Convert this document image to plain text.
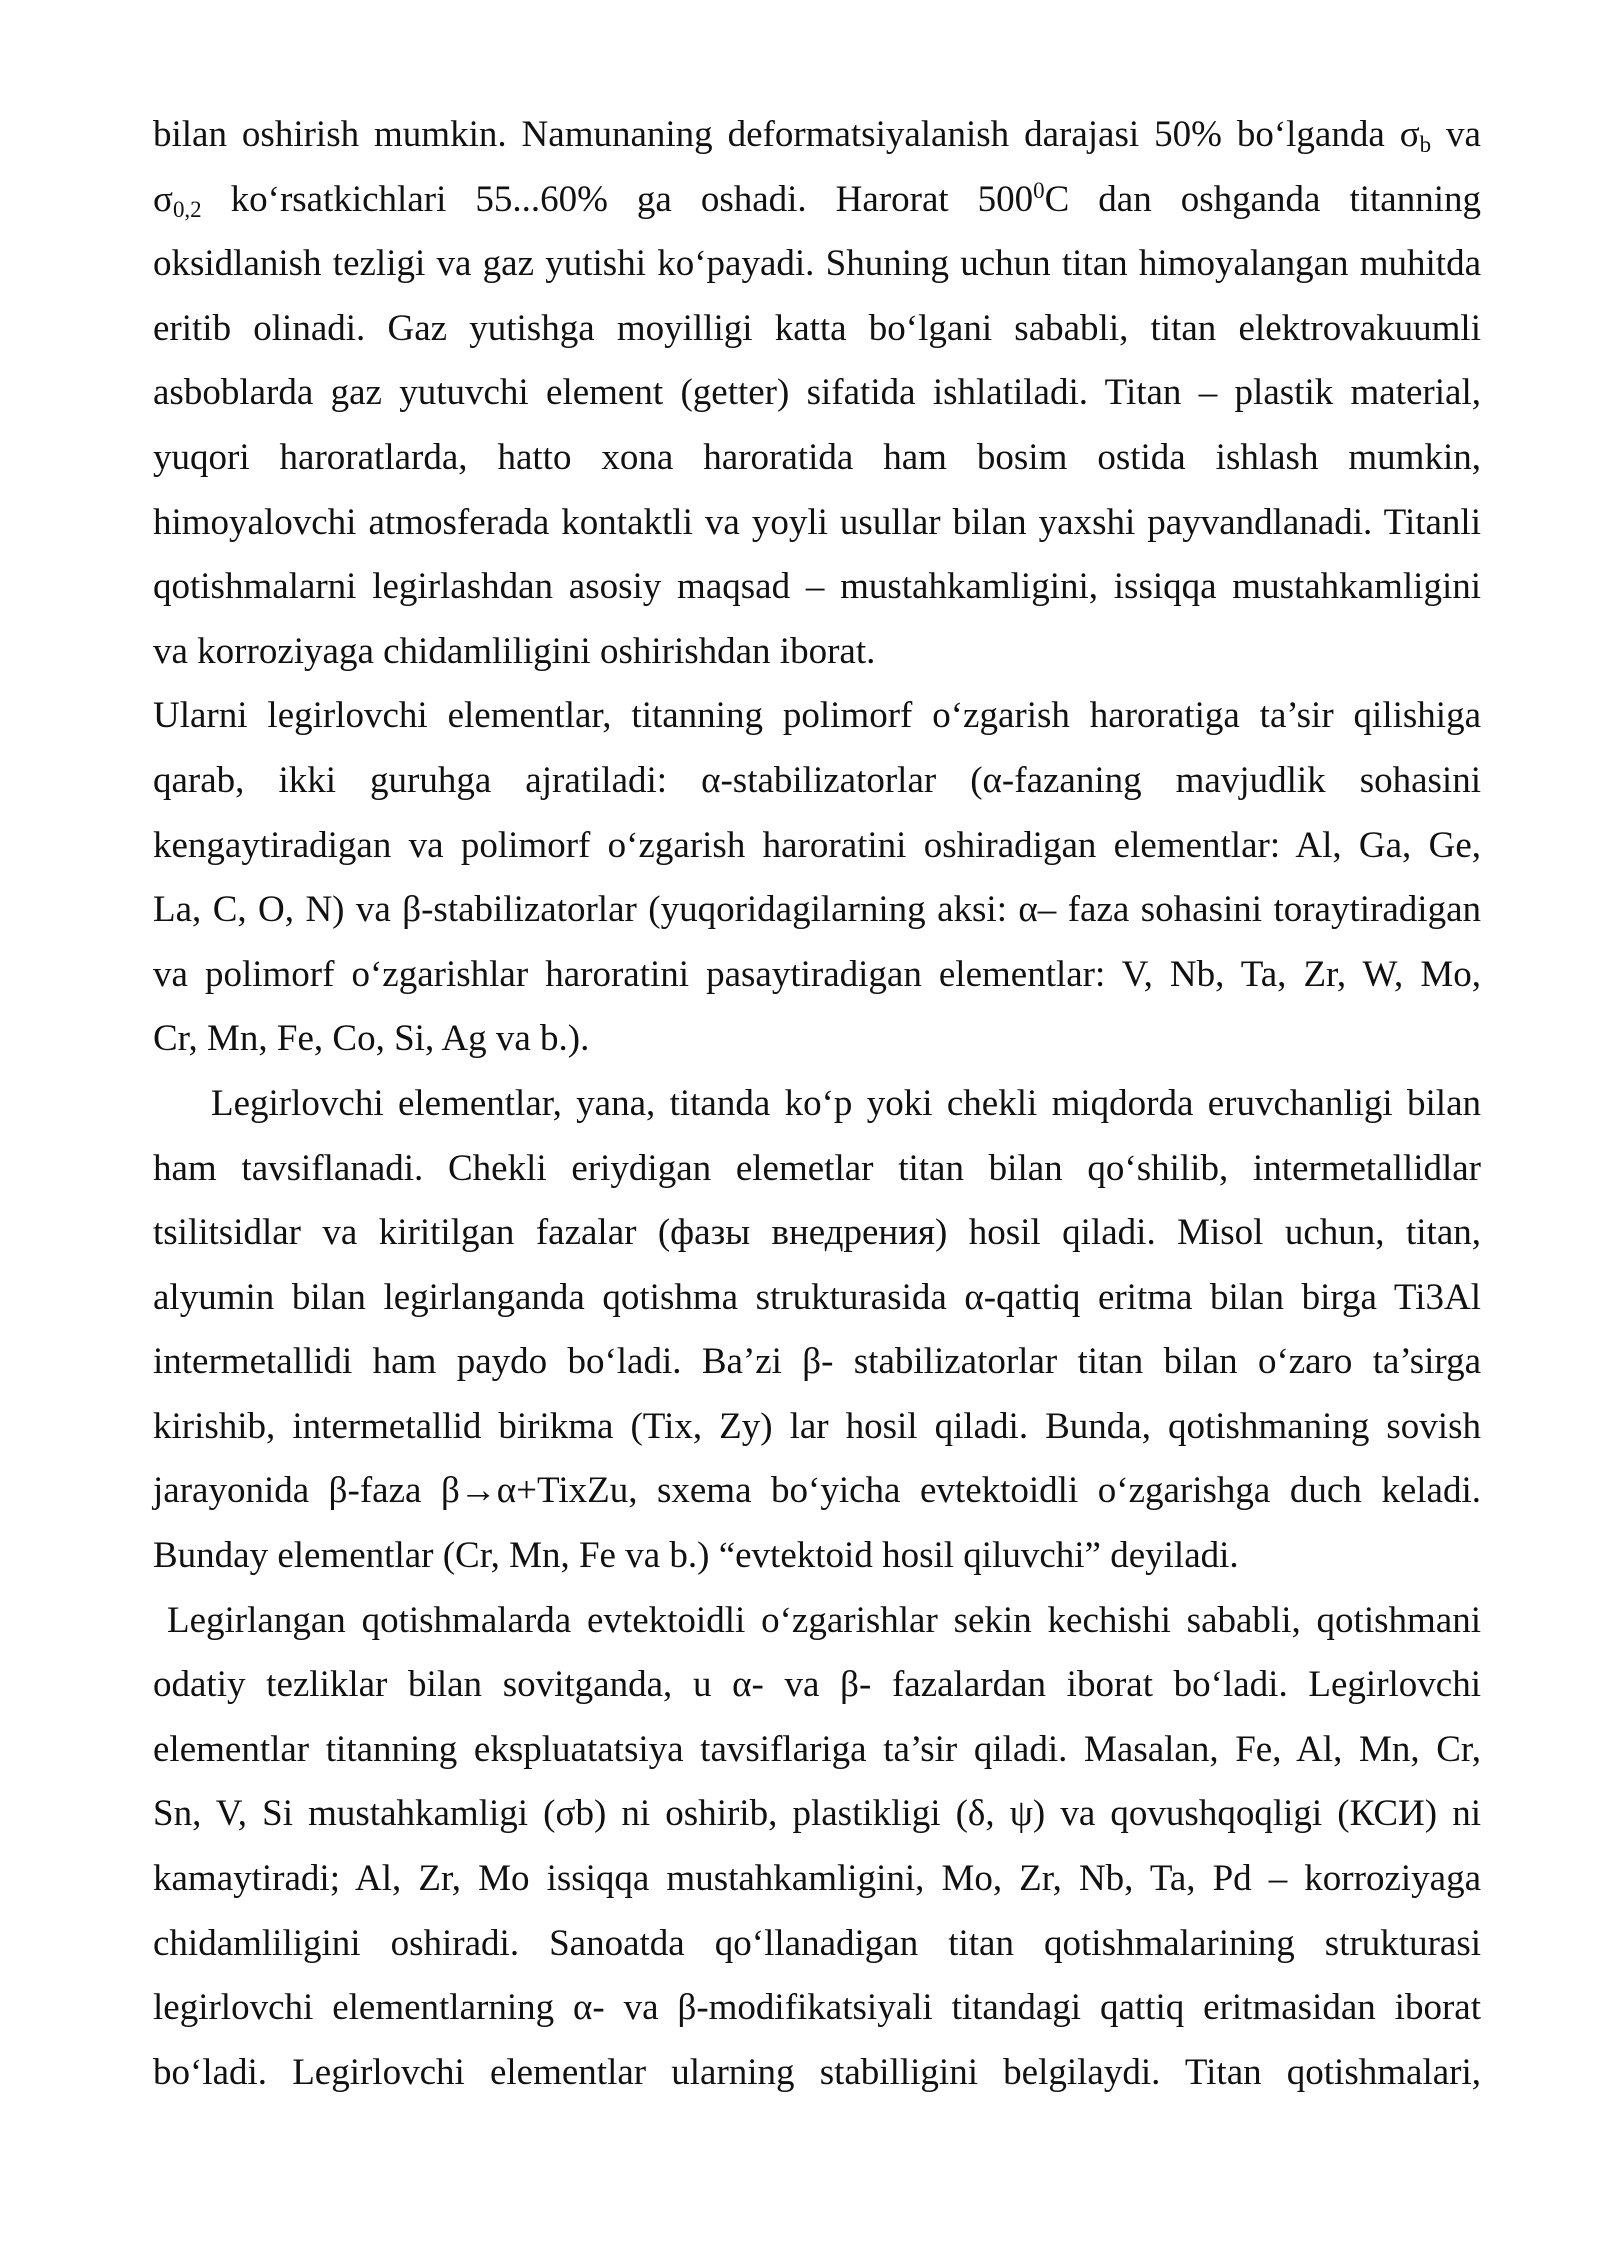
bilan oshirish mumkin. Namunaning deformatsiyalanish darajasi 50% bo‘lganda $\sigma_b$ va
$\sigma_{0,2}$ ko‘rsatkichlari 55...60% ga oshadi. Harorat $500^0C$ dan oshganda titanning
oksidlanish tezligi va gaz yutishi ko‘payadi. Shuning uchun titan himoyalangan muhitda
eritib olinadi. Gaz yutishga moyilligi katta bo‘lgani sababli, titan elektrovakuumli
asboblarda gaz yutuvchi element (getter) sifatida ishlatiladi. Titan – plastik material,
yuqori haroratlarda, hatto xona haroratida ham bosim ostida ishlash mumkin,
himoyalovchi atmosferada kontaktli va yoyli usullar bilan yaxshi payvandlanadi. Titanli
qotishmalarni legirlashdan asosiy maqsad – mustahkamligini, issiqqa mustahkamligini
va korroziyaga chidamliligini oshirishdan iborat.
Ularni legirlovchi elementlar, titanning polimorf o‘zgarish haroratiga ta’sir qilishiga
qarab, ikki guruhga ajratiladi: α-stabilizatorlar (α-fazaning mavjudlik sohasini
kengaytiradigan va polimorf o‘zgarish haroratini oshiradigan elementlar: Al, Ga, Ge,
La, C, O, N) va β-stabilizatorlar (yuqoridagilarning aksi: α– faza sohasini toraytiradigan
va polimorf o‘zgarishlar haroratini pasaytiradigan elementlar: V, Nb, Ta, Zr, W, Mo,
Cr, Mn, Fe, Co, Si, Ag va b.).
Legirlovchi elementlar, yana, titanda ko‘p yoki chekli miqdorda eruvchanligi bilan
ham tavsiflanadi. Chekli eriydigan elemetlar titan bilan qo‘shilib, intermetallidlar
tsilitsidlar va kiritilgan fazalar (фазы внедрения) hosil qiladi. Misol uchun, titan,
alyumin bilan legirlanganda qotishma strukturasida α-qattiq eritma bilan birga Ti3Al
intermetallidi ham paydo bo‘ladi. Ba’zi β- stabilizatorlar titan bilan o‘zaro ta’sirga
kirishib, intermetallid birikma (Tix, Zy) lar hosil qiladi. Bunda, qotishmaning sovish
jarayonida β-faza β→α+TixZu, sxema bo‘yicha evtektoidli o‘zgarishga duch keladi.
Bunday elementlar (Cr, Mn, Fe va b.) “evtektoid hosil qiluvchi” deyiladi.
Legirlangan qotishmalarda evtektoidli o‘zgarishlar sekin kechishi sababli, qotishmani
odatiy tezliklar bilan sovitganda, u α- va β- fazalardan iborat bo‘ladi. Legirlovchi
elementlar titanning ekspluatatsiya tavsiflariga ta’sir qiladi. Masalan, Fe, Al, Mn, Cr,
Sn, V, Si mustahkamligi (σb) ni oshirib, plastikligi (δ, ψ) va qovushqoqligi (КСИ) ni
kamaytiradi; Al, Zr, Mo issiqqa mustahkamligini, Mo, Zr, Nb, Ta, Pd – korroziyaga
chidamliligini oshiradi. Sanoatda qo‘llanadigan titan qotishmalarining strukturasi
legirlovchi elementlarning α- va β-modifikatsiyali titandagi qattiq eritmasidan iborat
bo‘ladi. Legirlovchi elementlar ularning stabilligini belgilaydi. Titan qotishmalari,
